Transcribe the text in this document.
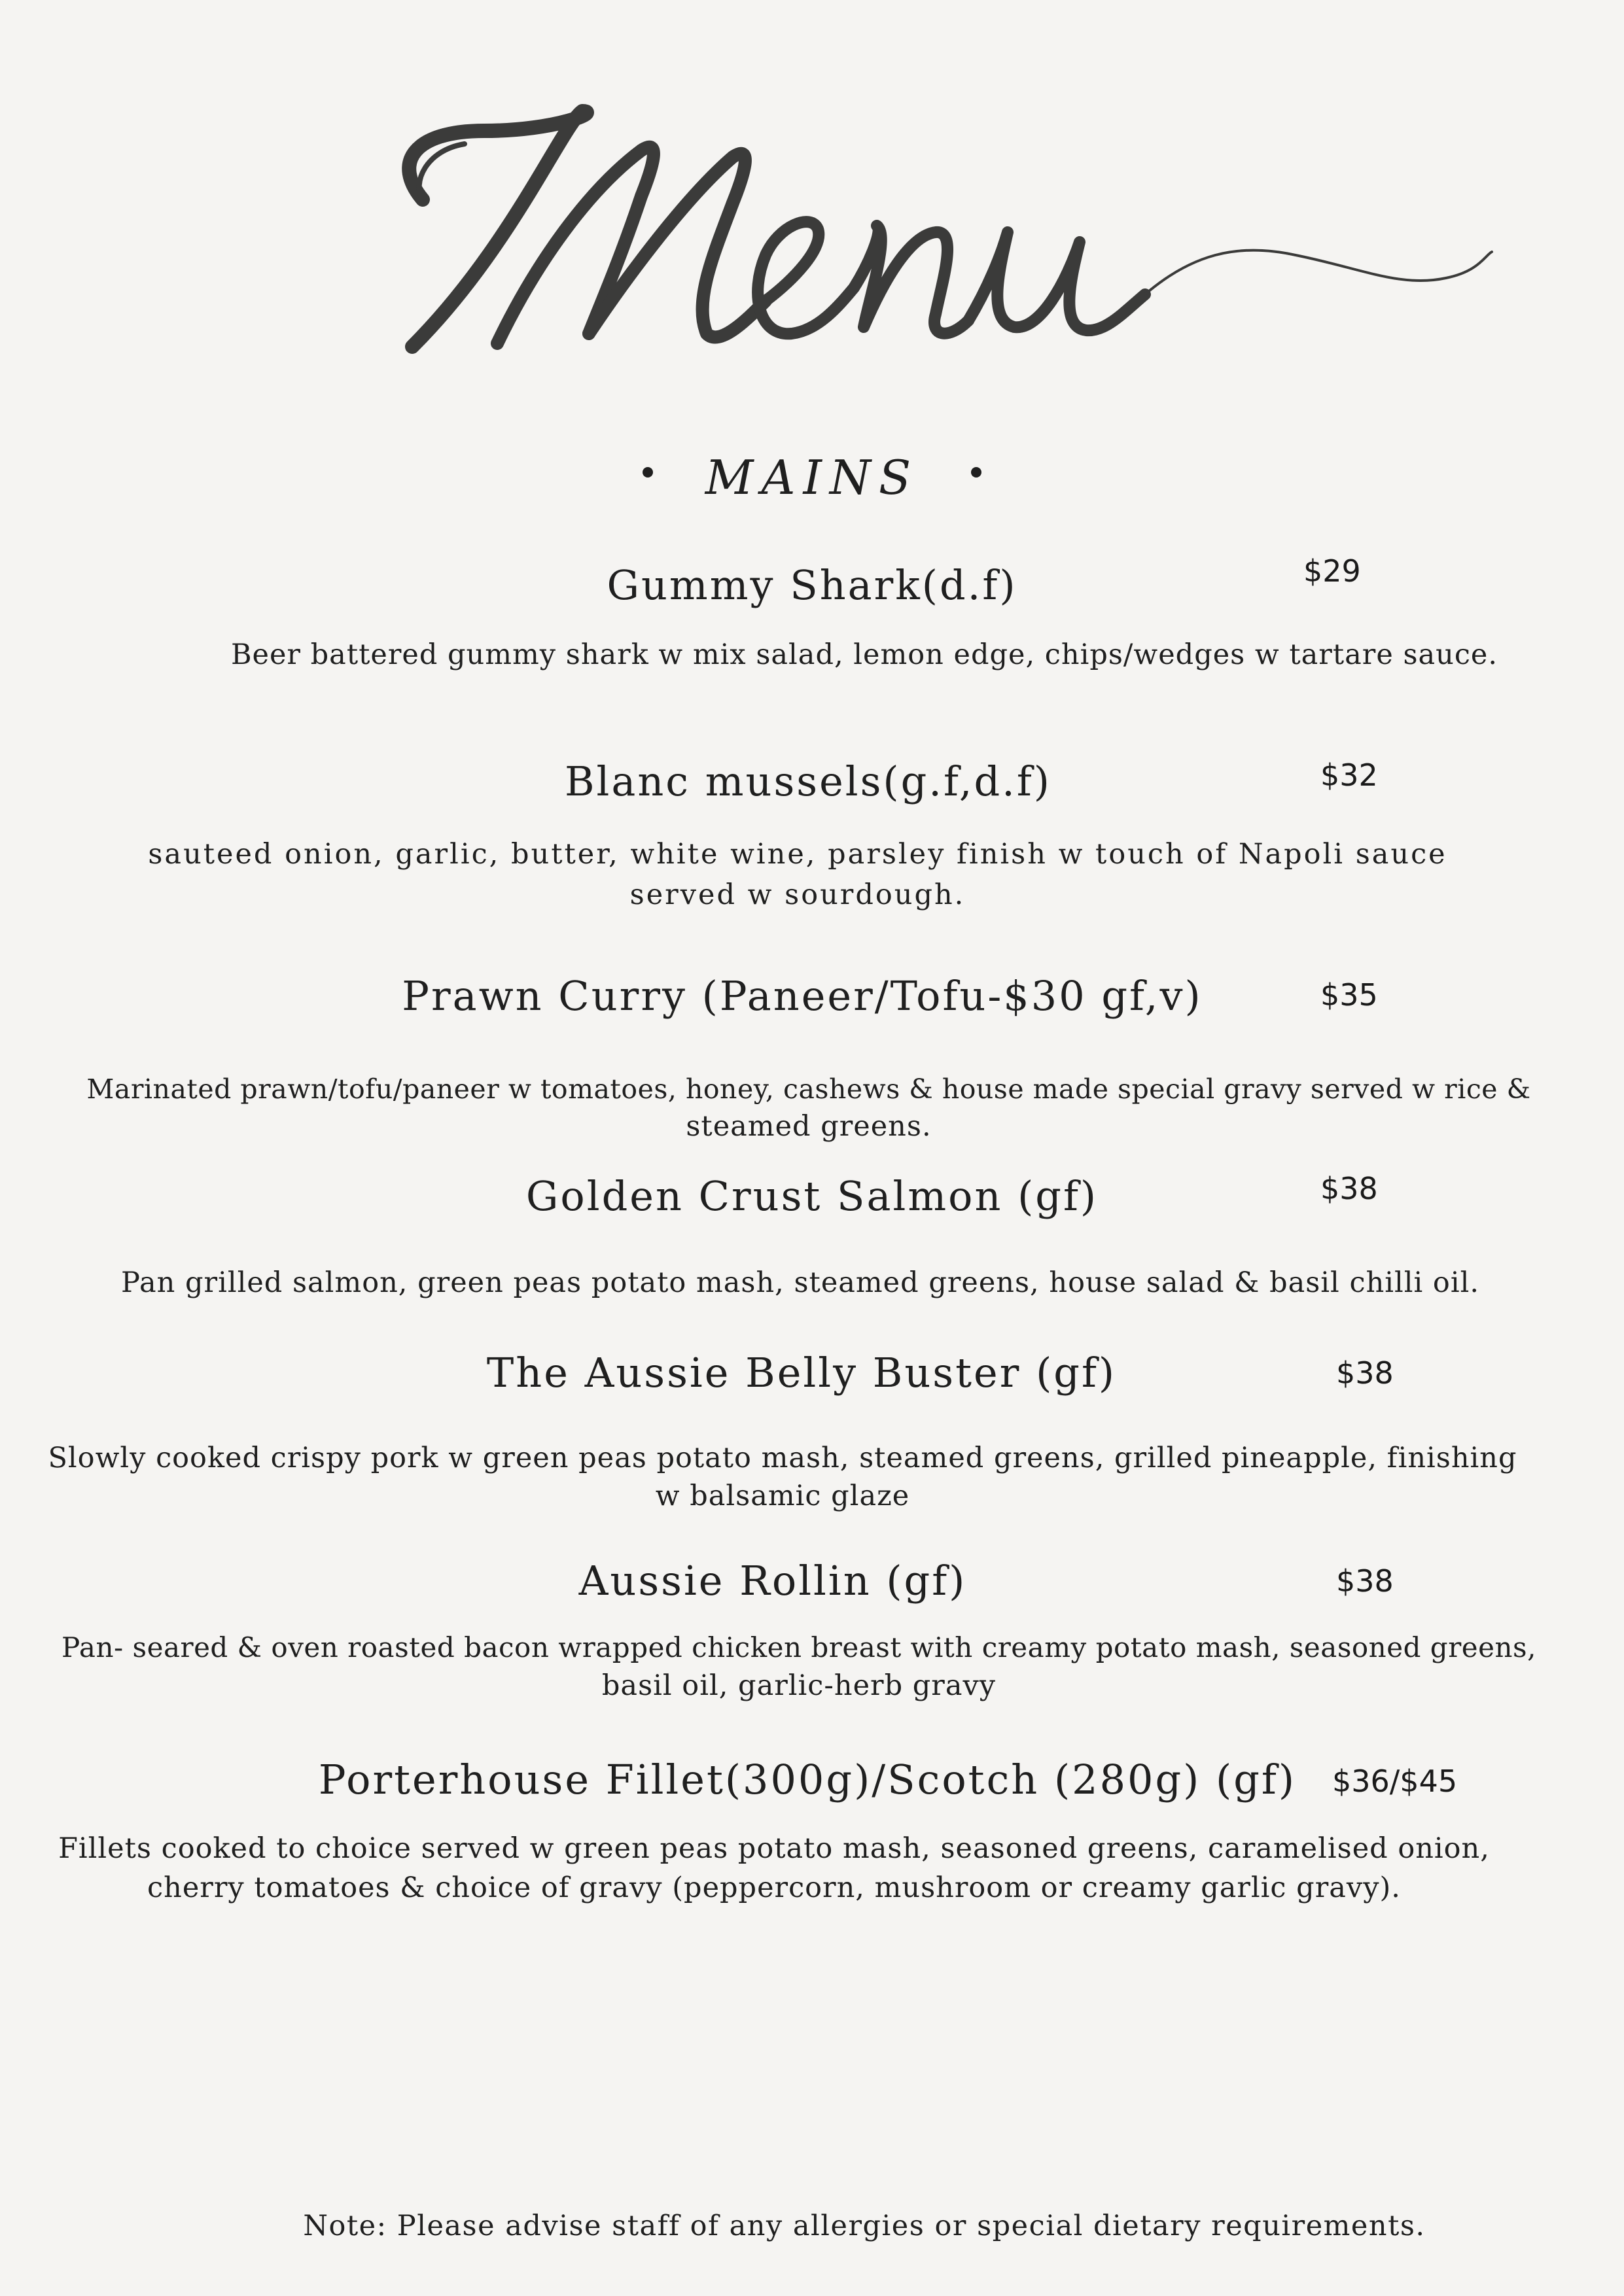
MAINS
Gummy Shark(d.f)	$29
Beer battered gummy shark w mix salad, lemon edge, chips/wedges w tartare sauce.
Blanc mussels(g.f,d.f)	$32
sauteed onion, garlic, butter, white wine, parsley finish w touch of Napoli sauce
served w sourdough.
Prawn Curry (Paneer/Tofu-$30 gf,v)	$35
Marinated prawn/tofu/paneer w tomatoes, honey, cashews & house made special gravy served w rice &
steamed greens.
Golden Crust Salmon (gf)	$38
Pan grilled salmon, green peas potato mash, steamed greens, house salad & basil chilli oil.
The Aussie Belly Buster (gf)	$38
Slowly cooked crispy pork w green peas potato mash, steamed greens, grilled pineapple, finishing
w balsamic glaze
Aussie Rollin (gf)	$38
Pan- seared & oven roasted bacon wrapped chicken breast with creamy potato mash, seasoned greens,
basil oil, garlic-herb gravy
Porterhouse Fillet(300g)/Scotch (280g) (gf)	$36/$45
Fillets cooked to choice served w green peas potato mash, seasoned greens, caramelised onion,
cherry tomatoes & choice of gravy (peppercorn, mushroom or creamy garlic gravy).
Note: Please advise staff of any allergies or special dietary requirements.
